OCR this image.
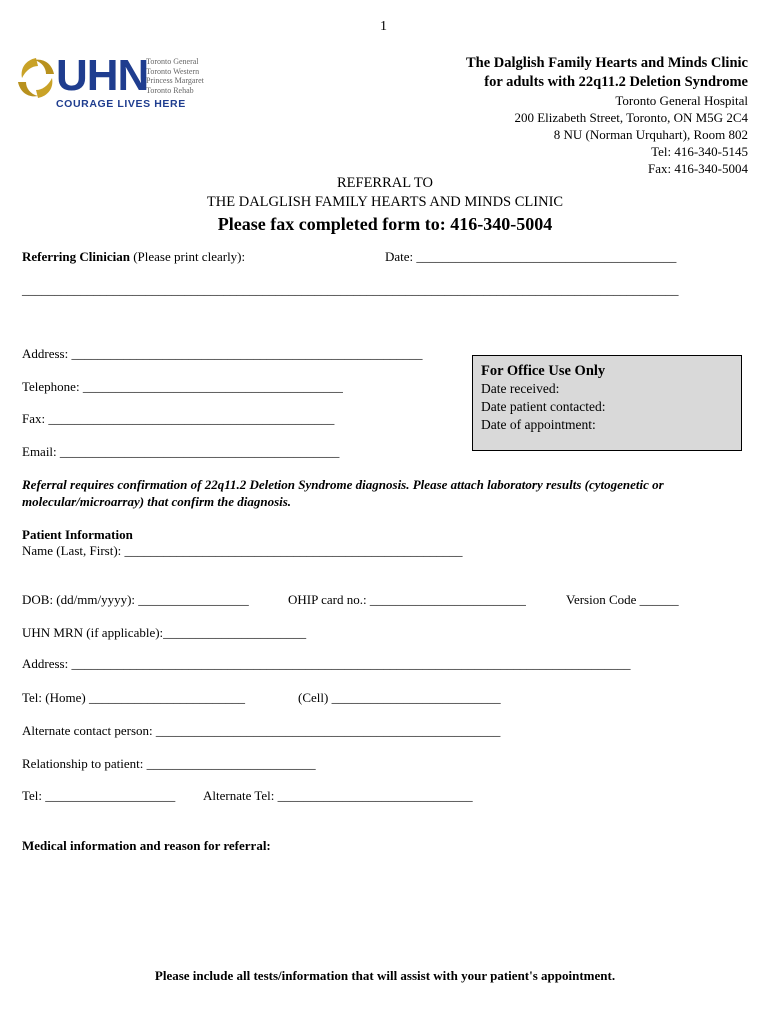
1
UHN
Toronto General
Toronto Western
Princess Margaret
Toronto Rehab
COURAGE LIVES HERE
The Dalglish Family Hearts and Minds Clinic
for adults with 22q11.2 Deletion Syndrome
Toronto General Hospital
200 Elizabeth Street, Toronto, ON M5G 2C4
8 NU (Norman Urquhart), Room 802
Tel: 416-340-5145
Fax: 416-340-5004
REFERRAL TO
THE DALGLISH FAMILY HEARTS AND MINDS CLINIC
Please fax completed form to: 416-340-5004
Referring Clinician (Please print clearly):	Date: ________________________________________
_____________________________________________________________________________________________________
Address: ______________________________________________________
Telephone: ________________________________________
Fax: ____________________________________________
Email: ___________________________________________
For Office Use Only
Date received:
Date patient contacted:
Date of appointment:
Referral requires confirmation of 22q11.2 Deletion Syndrome diagnosis. Please attach laboratory results (cytogenetic or molecular/microarray) that confirm the diagnosis.
Patient Information
Name (Last, First): ____________________________________________________
DOB: (dd/mm/yyyy): _________________	OHIP card no.: ________________________	Version Code ______
UHN MRN (if applicable):______________________
Address: ______________________________________________________________________________________
Tel: (Home) ________________________	(Cell) __________________________
Alternate contact person: _____________________________________________________
Relationship to patient: __________________________
Tel: ____________________ Alternate Tel: ______________________________
Medical information and reason for referral:
Please include all tests/information that will assist with your patient's appointment.
